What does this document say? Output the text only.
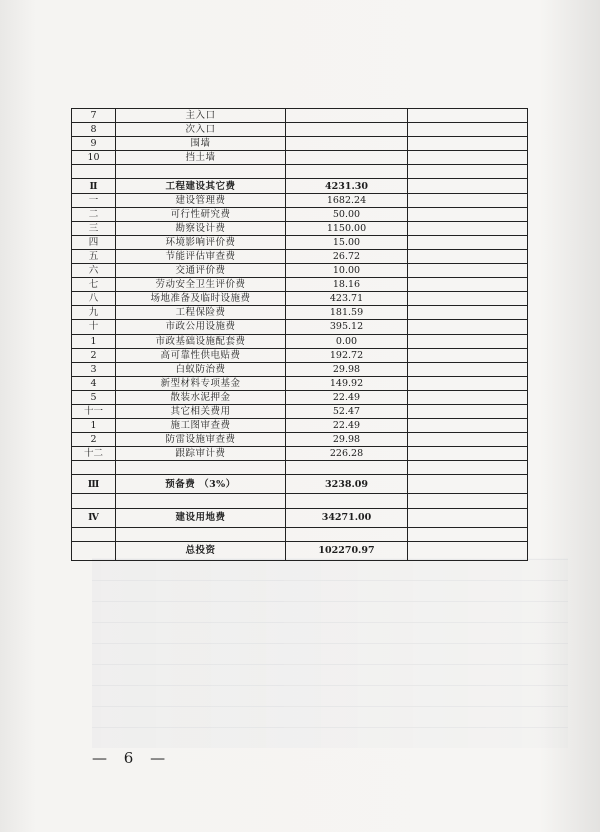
7	主入口		
8	次入口		
9	围墙		
10	挡土墙		

Ⅱ	工程建设其它费	4231.30	
一	建设管理费	1682.24	
二	可行性研究费	50.00	
三	勘察设计费	1150.00	
四	环境影响评价费	15.00	
五	节能评估审查费	26.72	
六	交通评价费	10.00	
七	劳动安全卫生评价费	18.16	
八	场地准备及临时设施费	423.71	
九	工程保险费	181.59	
十	市政公用设施费	395.12	
1	市政基础设施配套费	0.00	
2	高可靠性供电贴费	192.72	
3	白蚁防治费	29.98	
4	新型材料专项基金	149.92	
5	散装水泥押金	22.49	
十一	其它相关费用	52.47	
1	施工图审查费	22.49	
2	防雷设施审查费	29.98	
十二	跟踪审计费	226.28	

Ⅲ	预备费 （3%）	3238.09	

Ⅳ	建设用地费	34271.00	

	总投资	102270.97	
— 6 —
